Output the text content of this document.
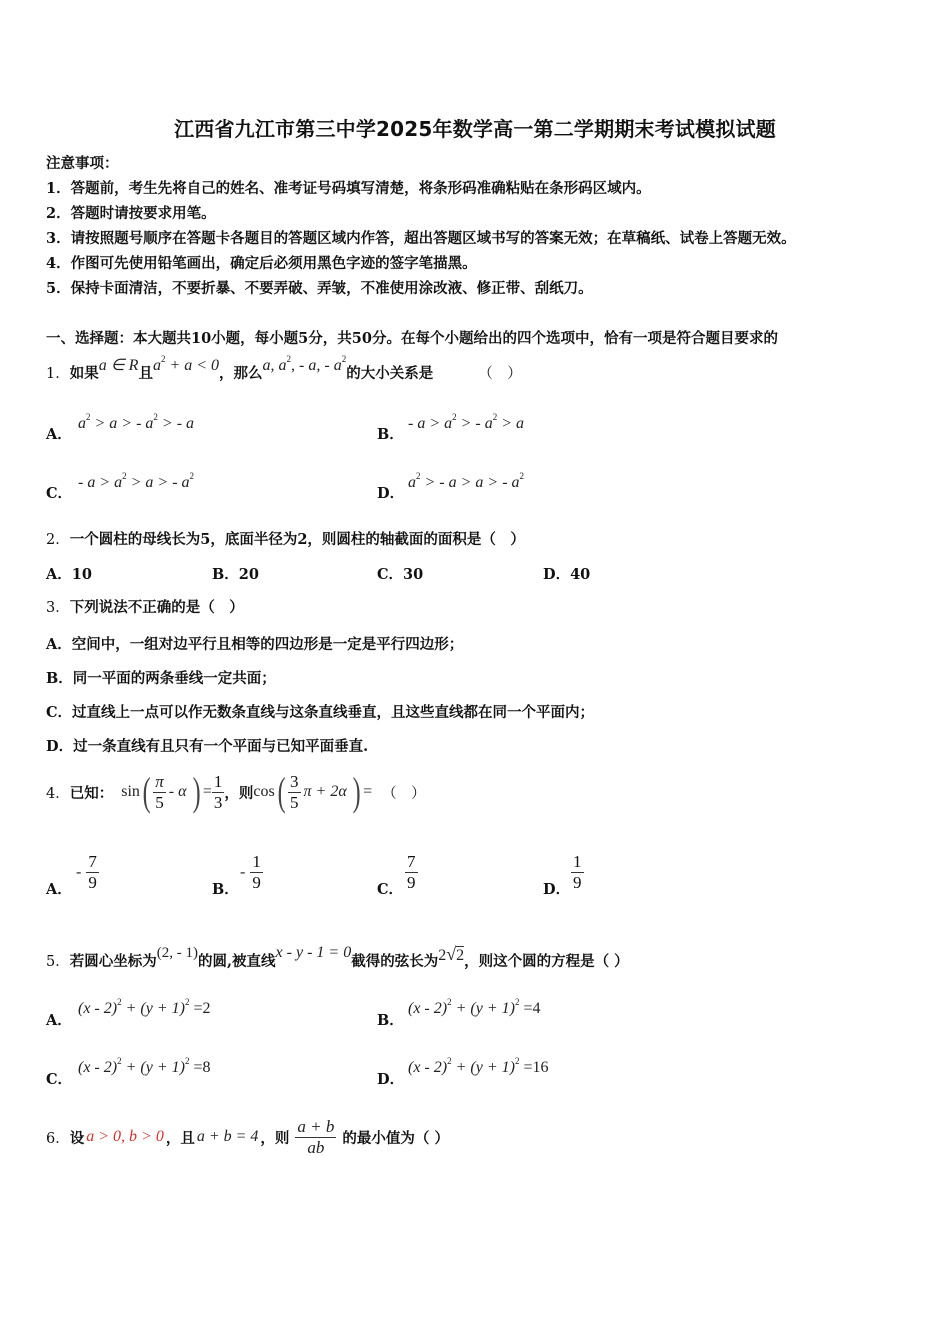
江西省九江市第三中学2025年数学高一第二学期期末考试模拟试题
注意事项：
1．答题前，考生先将自己的姓名、准考证号码填写清楚，将条形码准确粘贴在条形码区域内。
2．答题时请按要求用笔。
3．请按照题号顺序在答题卡各题目的答题区域内作答，超出答题区域书写的答案无效；在草稿纸、试卷上答题无效。
4．作图可先使用铅笔画出，确定后必须用黑色字迹的签字笔描黑。
5．保持卡面清洁，不要折暴、不要弄破、弄皱，不准使用涂改液、修正带、刮纸刀。
一、选择题：本大题共10小题，每小题5分，共50分。在每个小题给出的四个选项中，恰有一项是符合题目要求的
1．如果a ∈ R且$a^2 + a < 0$，那么a, $a^2$, - a, - $a^2$的大小关系是	（　）
A．
$a^2 > a$ > - $a^2$ > - a
B．
- $a > a^2$ > - $a^2 > a$
C．
- $a > a^2 > a$ > - $a^2$
D．
$a^2$ > - a > a > - $a^2$
2．一个圆柱的母线长为5，底面半径为2，则圆柱的轴截面的面积是（　）
A．10	B．20	C．30	D．40
3．下列说法不正确的是（　）
A．空间中，一组对边平行且相等的四边形是一定是平行四边形；
B．同一平面的两条垂线一定共面；
C．过直线上一点可以作无数条直线与这条直线垂直，且这些直线都在同一个平面内；
D．过一条直线有且只有一个平面与已知平面垂直.
4． 已知： sin ( $\frac{\pi}{5}$ - α ) = $\frac{1}{3}$ ，则 cos ( $\frac{3}{5}$ π + 2α ) = （　）
A．
- $\frac{7}{9}$	B．
- $\frac{1}{9}$	C． $\frac{7}{9}$	D． $\frac{1}{9}$
5．若圆心坐标为(2, - 1)的圆,被直线x - y - 1 = 0截得的弦长为2√2，则这个圆的方程是（ ）
A．
$(x - 2)^2 + (y + 1)^2 =2$
B．
$(x - 2)^2 + (y + 1)^2 =4$
C．
$(x - 2)^2 + (y + 1)^2 =8$
D．
$(x - 2)^2 + (y + 1)^2 =16$
6． 设 a > 0, b > 0 ，且 a + b = 4 ，则 $\frac{a + b}{ab}$ 的最小值为（ ）
